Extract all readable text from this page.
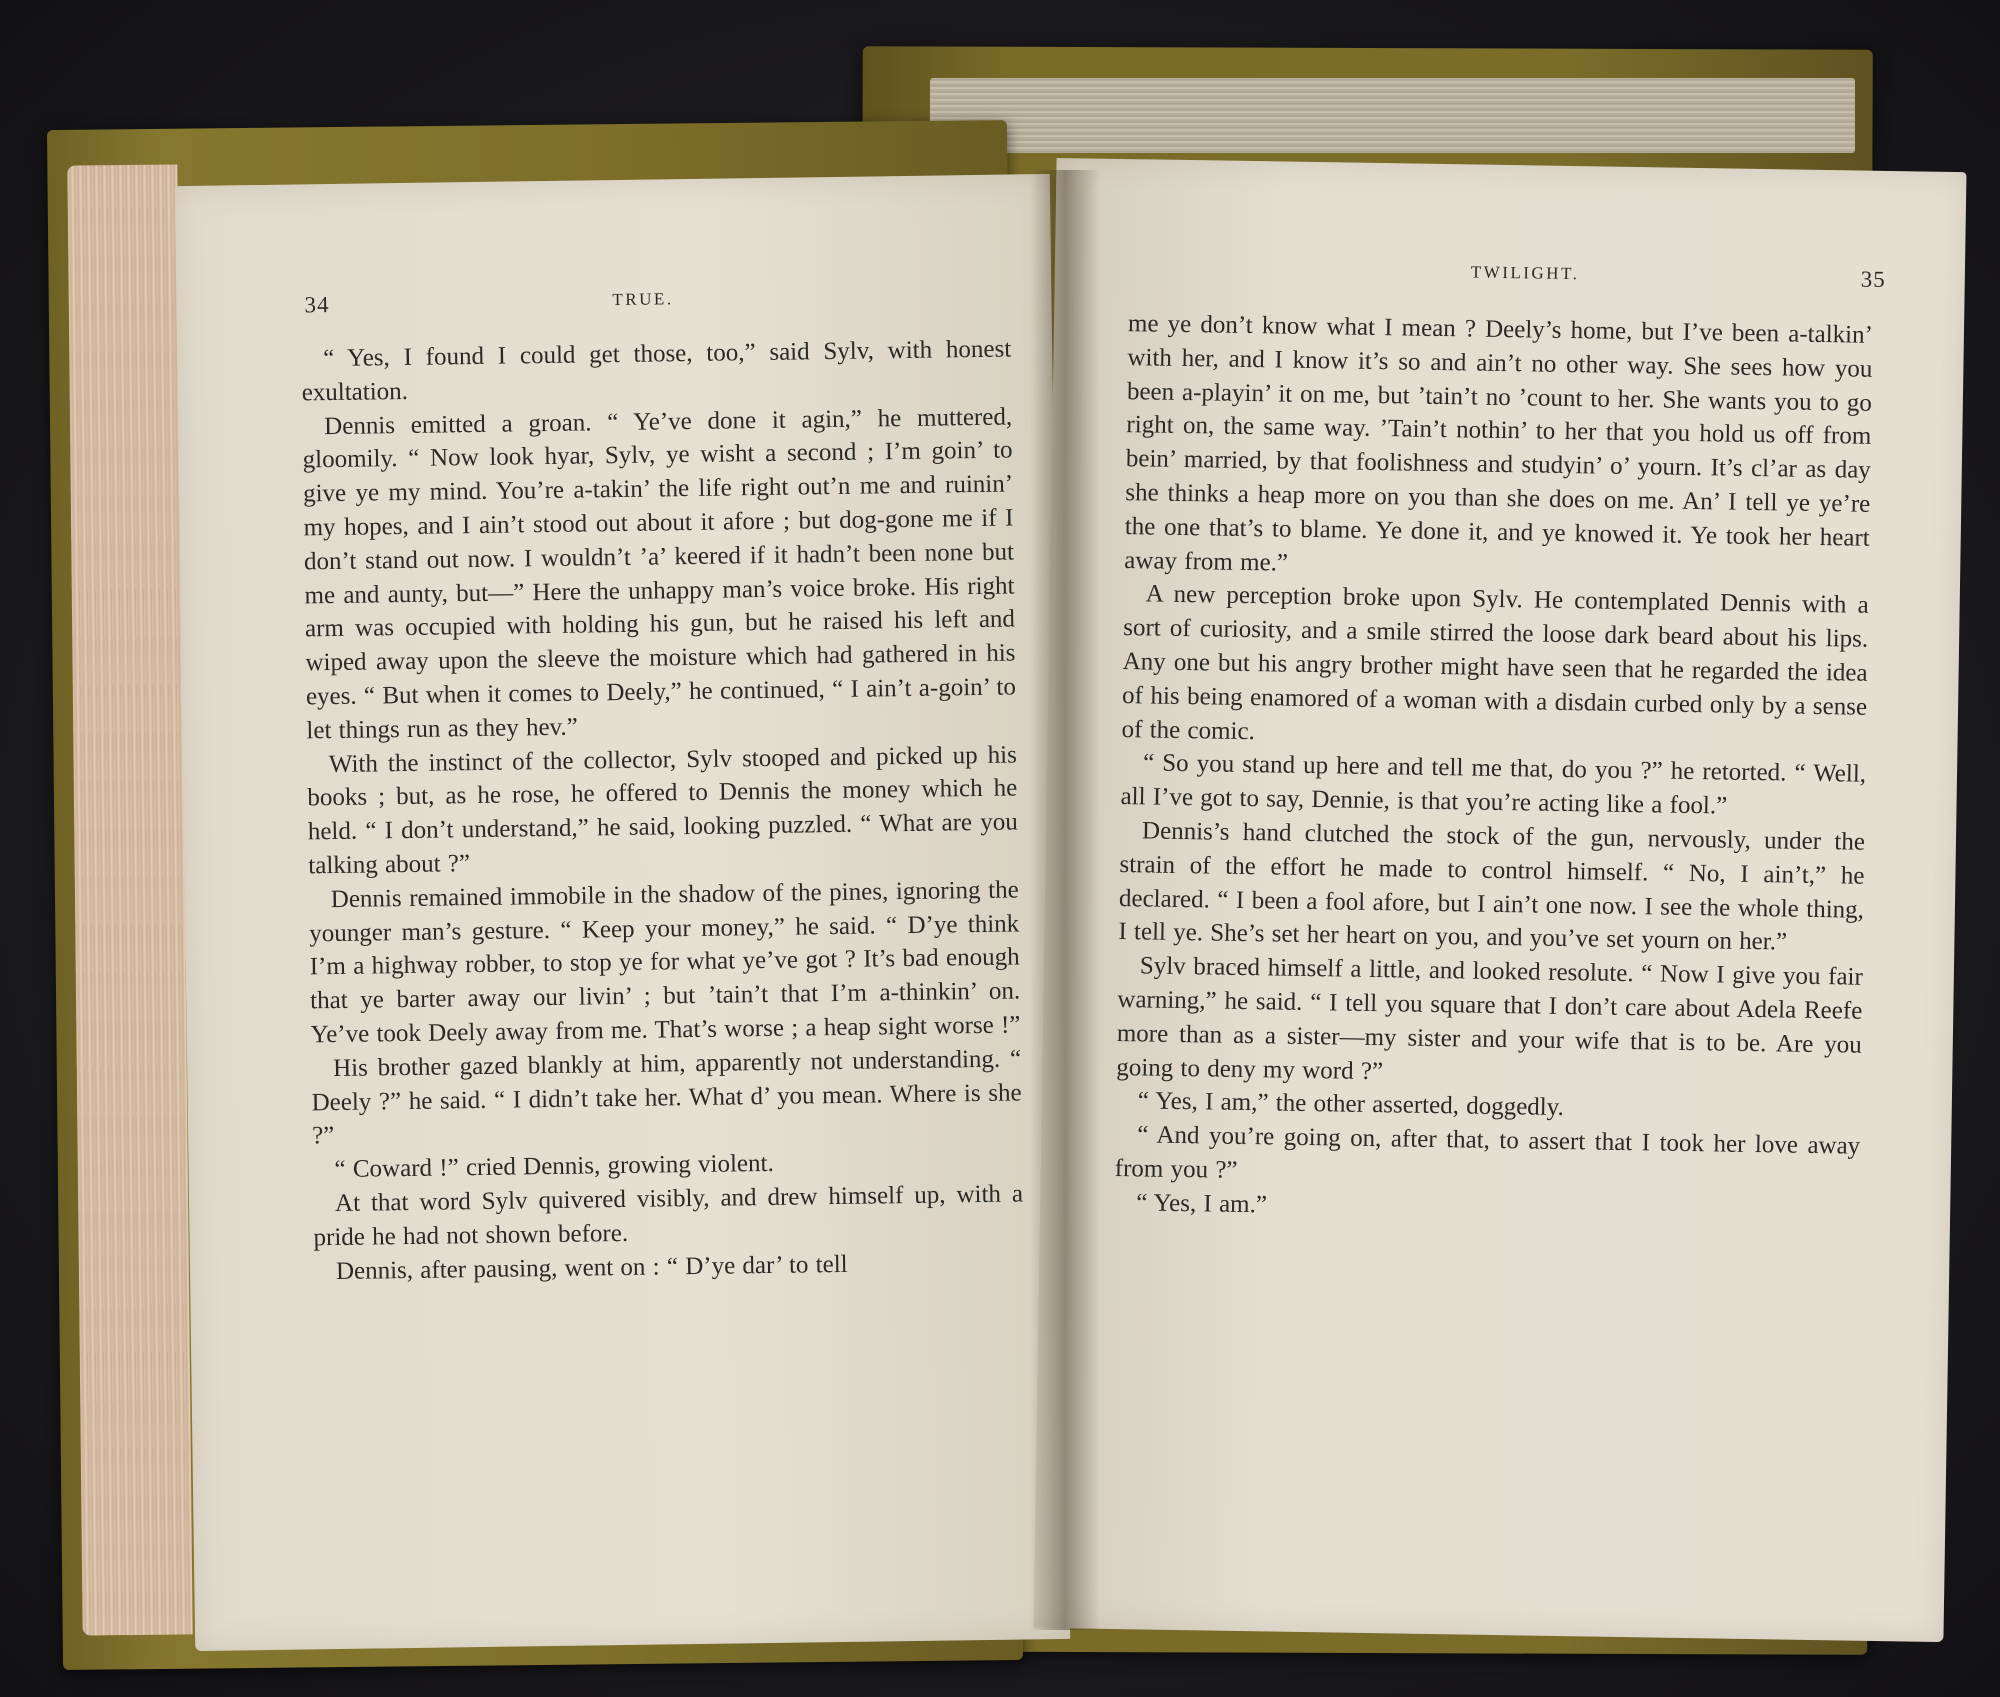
34	TRUE.

“ Yes, I found I could get those, too,” said Sylv, with honest exultation.

Dennis emitted a groan. “ Ye’ve done it agin,” he muttered, gloomily. “ Now look hyar, Sylv, ye wisht a second ; I’m goin’ to give ye my mind. You’re a-takin’ the life right out’n me and ruinin’ my hopes, and I ain’t stood out about it afore ; but dog-gone me if I don’t stand out now. I wouldn’t ’a’ keered if it hadn’t been none but me and aunty, but—” Here the unhappy man’s voice broke. His right arm was occupied with holding his gun, but he raised his left and wiped away upon the sleeve the moisture which had gathered in his eyes. “ But when it comes to Deely,” he continued, “ I ain’t a-goin’ to let things run as they hev.”

With the instinct of the collector, Sylv stooped and picked up his books ; but, as he rose, he offered to Dennis the money which he held. “ I don’t understand,” he said, looking puzzled. “ What are you talking about ?”

Dennis remained immobile in the shadow of the pines, ignoring the younger man’s gesture. “ Keep your money,” he said. “ D’ye think I’m a highway robber, to stop ye for what ye’ve got ? It’s bad enough that ye barter away our livin’ ; but ’tain’t that I’m a-thinkin’ on. Ye’ve took Deely away from me. That’s worse ; a heap sight worse !”

His brother gazed blankly at him, apparently not understanding. “ Deely ?” he said. “ I didn’t take her. What d’ you mean. Where is she ?”

“ Coward !” cried Dennis, growing violent.

At that word Sylv quivered visibly, and drew himself up, with a pride he had not shown before.

Dennis, after pausing, went on : “ D’ye dar’ to tell

TWILIGHT.	35

me ye don’t know what I mean ? Deely’s home, but I’ve been a-talkin’ with her, and I know it’s so and ain’t no other way. She sees how you been a-playin’ it on me, but ’tain’t no ’count to her. She wants you to go right on, the same way. ’Tain’t nothin’ to her that you hold us off from bein’ married, by that foolishness and studyin’ o’ yourn. It’s cl’ar as day she thinks a heap more on you than she does on me. An’ I tell ye ye’re the one that’s to blame. Ye done it, and ye knowed it. Ye took her heart away from me.”

A new perception broke upon Sylv. He contemplated Dennis with a sort of curiosity, and a smile stirred the loose dark beard about his lips. Any one but his angry brother might have seen that he regarded the idea of his being enamored of a woman with a disdain curbed only by a sense of the comic.

“ So you stand up here and tell me that, do you ?” he retorted. “ Well, all I’ve got to say, Dennie, is that you’re acting like a fool.”

Dennis’s hand clutched the stock of the gun, nervously, under the strain of the effort he made to control himself. “ No, I ain’t,” he declared. “ I been a fool afore, but I ain’t one now. I see the whole thing, I tell ye. She’s set her heart on you, and you’ve set yourn on her.”

Sylv braced himself a little, and looked resolute. “ Now I give you fair warning,” he said. “ I tell you square that I don’t care about Adela Reefe more than as a sister—my sister and your wife that is to be. Are you going to deny my word ?”

“ Yes, I am,” the other asserted, doggedly.

“ And you’re going on, after that, to assert that I took her love away from you ?”

“ Yes, I am.”
